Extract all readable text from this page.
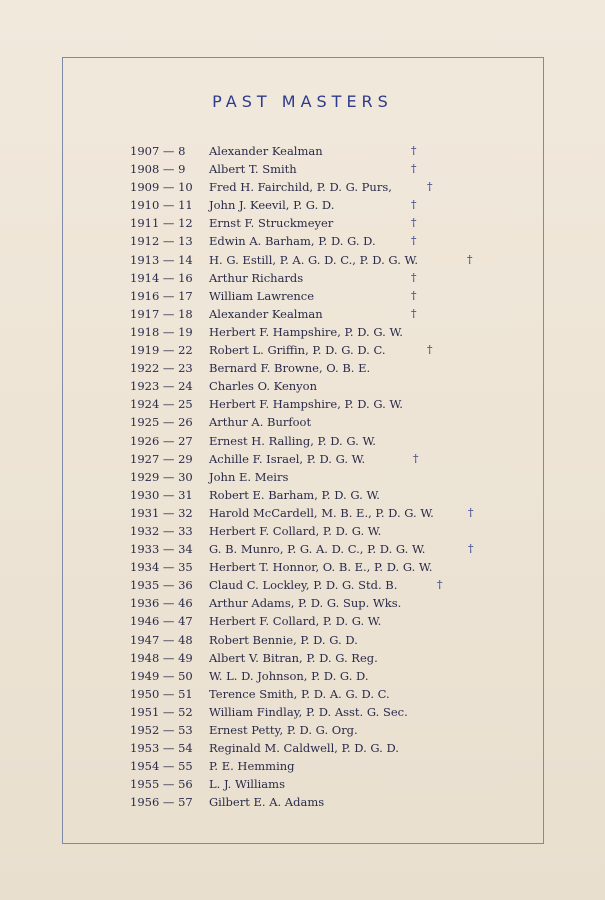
PAST MASTERS
1907 — 8	Alexander Kealman	†
1908 — 9	Albert T. Smith	†
1909 — 10	Fred H. Fairchild, P. D. G. Purs,	†
1910 — 11	John J. Keevil, P. G. D.	†
1911 — 12	Ernst F. Struckmeyer	†
1912 — 13	Edwin A. Barham, P. D. G. D.	†
1913 — 14	H. G. Estill, P. A. G. D. C., P. D. G. W.	†
1914 — 16	Arthur Richards	†
1916 — 17	William Lawrence	†
1917 — 18	Alexander Kealman	†
1918 — 19	Herbert F. Hampshire, P. D. G. W.
1919 — 22	Robert L. Griffin, P. D. G. D. C.	†
1922 — 23	Bernard F. Browne, O. B. E.
1923 — 24	Charles O. Kenyon
1924 — 25	Herbert F. Hampshire, P. D. G. W.
1925 — 26	Arthur A. Burfoot
1926 — 27	Ernest H. Ralling, P. D. G. W.
1927 — 29	Achille F. Israel, P. D. G. W.	†
1929 — 30	John E. Meirs
1930 — 31	Robert E. Barham, P. D. G. W.
1931 — 32	Harold McCardell, M. B. E., P. D. G. W.	†
1932 — 33	Herbert F. Collard, P. D. G. W.
1933 — 34	G. B. Munro, P. G. A. D. C., P. D. G. W.	†
1934 — 35	Herbert T. Honnor, O. B. E., P. D. G. W.
1935 — 36	Claud C. Lockley, P. D. G. Std. B.	†
1936 — 46	Arthur Adams, P. D. G. Sup. Wks.
1946 — 47	Herbert F. Collard, P. D. G. W.
1947 — 48	Robert Bennie, P. D. G. D.
1948 — 49	Albert V. Bitran, P. D. G. Reg.
1949 — 50	W. L. D. Johnson, P. D. G. D.
1950 — 51	Terence Smith, P. D. A. G. D. C.
1951 — 52	William Findlay, P. D. Asst. G. Sec.
1952 — 53	Ernest Petty, P. D. G. Org.
1953 — 54	Reginald M. Caldwell, P. D. G. D.
1954 — 55	P. E. Hemming
1955 — 56	L. J. Williams
1956 — 57	Gilbert E. A. Adams
